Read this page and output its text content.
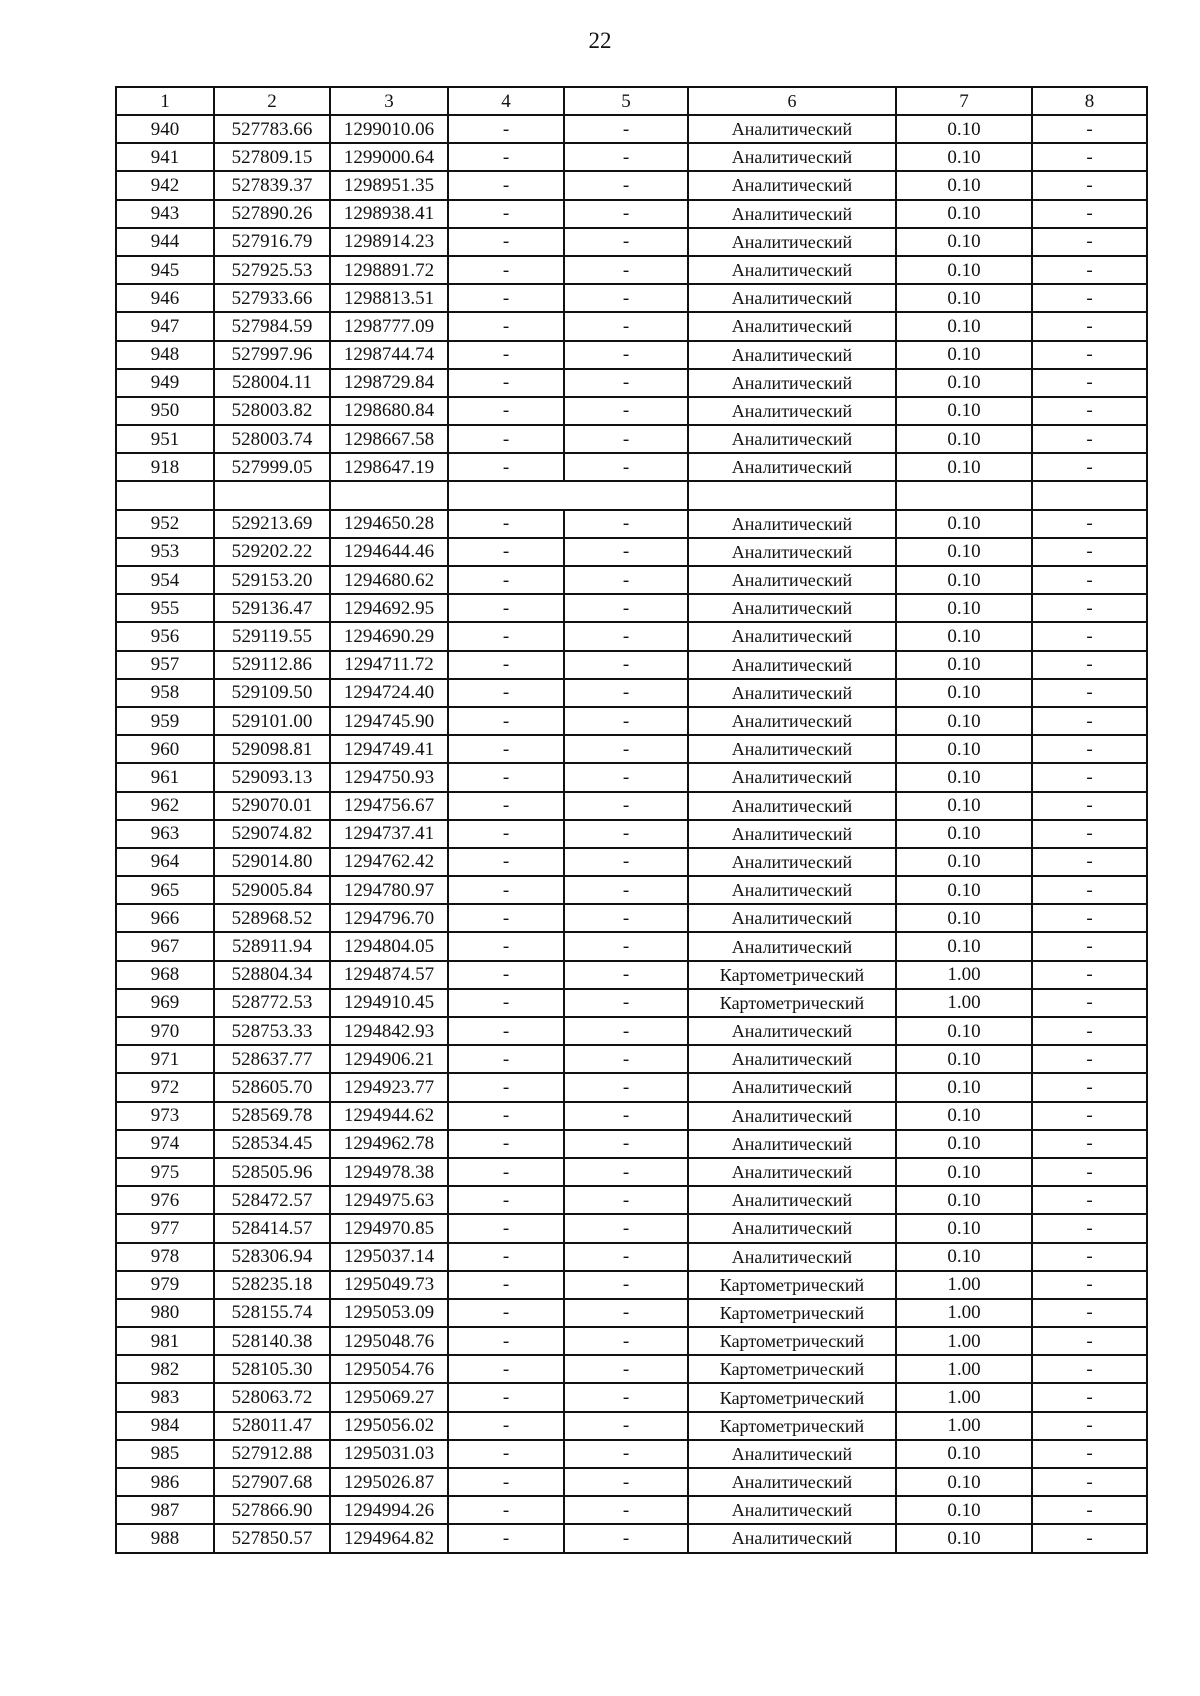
22
1	2	3	4	5	6	7	8
940	527783.66	1299010.06	-	-	Аналитический	0.10	-
941	527809.15	1299000.64	-	-	Аналитический	0.10	-
942	527839.37	1298951.35	-	-	Аналитический	0.10	-
943	527890.26	1298938.41	-	-	Аналитический	0.10	-
944	527916.79	1298914.23	-	-	Аналитический	0.10	-
945	527925.53	1298891.72	-	-	Аналитический	0.10	-
946	527933.66	1298813.51	-	-	Аналитический	0.10	-
947	527984.59	1298777.09	-	-	Аналитический	0.10	-
948	527997.96	1298744.74	-	-	Аналитический	0.10	-
949	528004.11	1298729.84	-	-	Аналитический	0.10	-
950	528003.82	1298680.84	-	-	Аналитический	0.10	-
951	528003.74	1298667.58	-	-	Аналитический	0.10	-
918	527999.05	1298647.19	-	-	Аналитический	0.10	-

952	529213.69	1294650.28	-	-	Аналитический	0.10	-
953	529202.22	1294644.46	-	-	Аналитический	0.10	-
954	529153.20	1294680.62	-	-	Аналитический	0.10	-
955	529136.47	1294692.95	-	-	Аналитический	0.10	-
956	529119.55	1294690.29	-	-	Аналитический	0.10	-
957	529112.86	1294711.72	-	-	Аналитический	0.10	-
958	529109.50	1294724.40	-	-	Аналитический	0.10	-
959	529101.00	1294745.90	-	-	Аналитический	0.10	-
960	529098.81	1294749.41	-	-	Аналитический	0.10	-
961	529093.13	1294750.93	-	-	Аналитический	0.10	-
962	529070.01	1294756.67	-	-	Аналитический	0.10	-
963	529074.82	1294737.41	-	-	Аналитический	0.10	-
964	529014.80	1294762.42	-	-	Аналитический	0.10	-
965	529005.84	1294780.97	-	-	Аналитический	0.10	-
966	528968.52	1294796.70	-	-	Аналитический	0.10	-
967	528911.94	1294804.05	-	-	Аналитический	0.10	-
968	528804.34	1294874.57	-	-	Картометрический	1.00	-
969	528772.53	1294910.45	-	-	Картометрический	1.00	-
970	528753.33	1294842.93	-	-	Аналитический	0.10	-
971	528637.77	1294906.21	-	-	Аналитический	0.10	-
972	528605.70	1294923.77	-	-	Аналитический	0.10	-
973	528569.78	1294944.62	-	-	Аналитический	0.10	-
974	528534.45	1294962.78	-	-	Аналитический	0.10	-
975	528505.96	1294978.38	-	-	Аналитический	0.10	-
976	528472.57	1294975.63	-	-	Аналитический	0.10	-
977	528414.57	1294970.85	-	-	Аналитический	0.10	-
978	528306.94	1295037.14	-	-	Аналитический	0.10	-
979	528235.18	1295049.73	-	-	Картометрический	1.00	-
980	528155.74	1295053.09	-	-	Картометрический	1.00	-
981	528140.38	1295048.76	-	-	Картометрический	1.00	-
982	528105.30	1295054.76	-	-	Картометрический	1.00	-
983	528063.72	1295069.27	-	-	Картометрический	1.00	-
984	528011.47	1295056.02	-	-	Картометрический	1.00	-
985	527912.88	1295031.03	-	-	Аналитический	0.10	-
986	527907.68	1295026.87	-	-	Аналитический	0.10	-
987	527866.90	1294994.26	-	-	Аналитический	0.10	-
988	527850.57	1294964.82	-	-	Аналитический	0.10	-
